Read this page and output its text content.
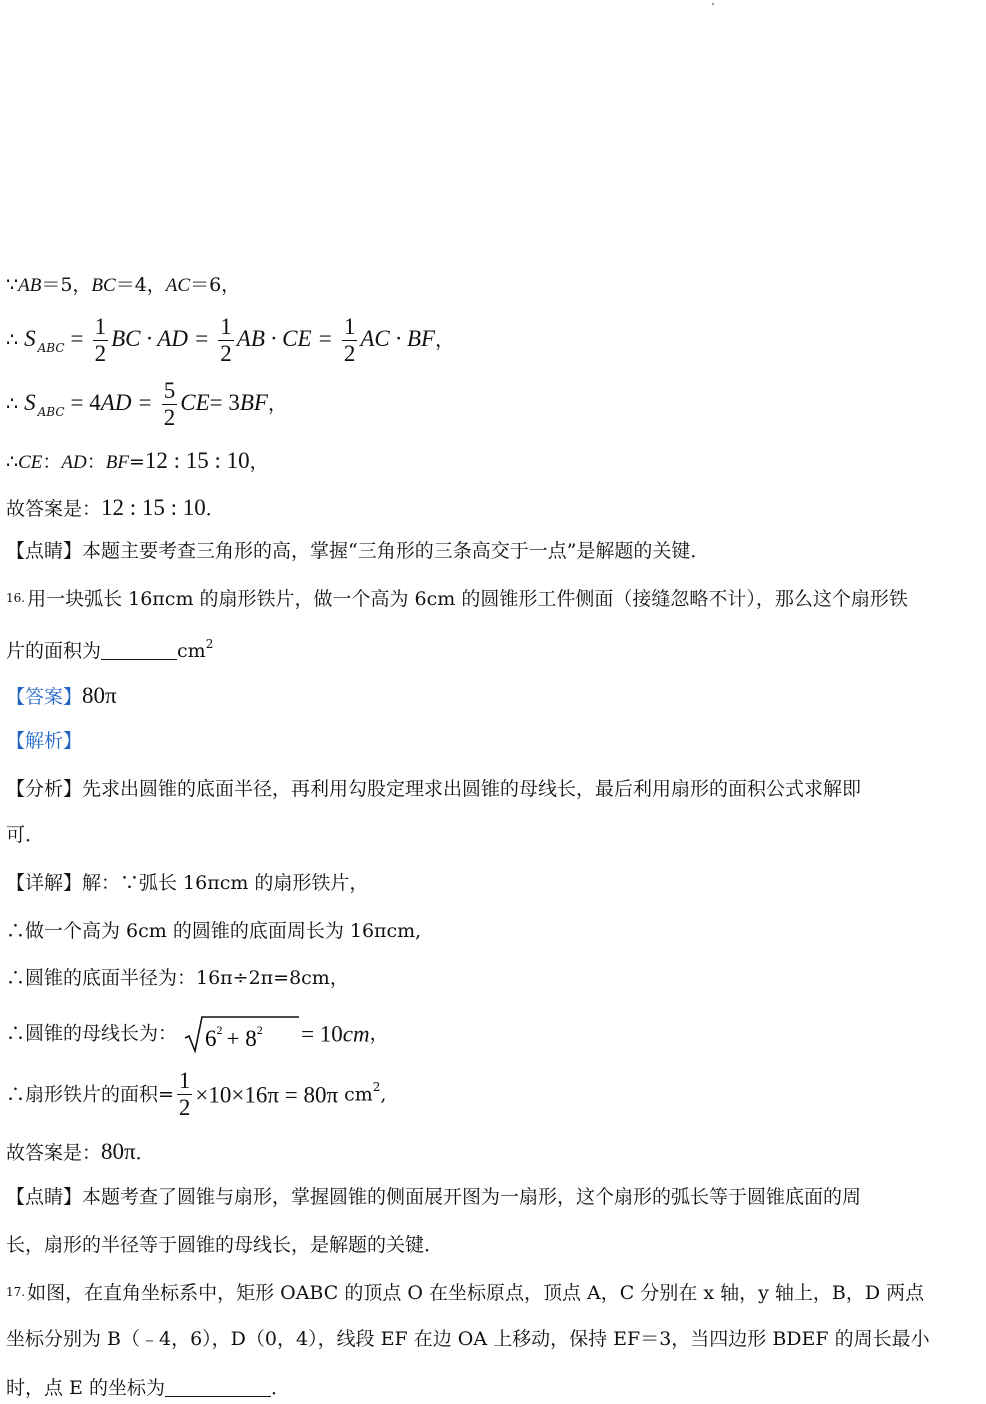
∵AB＝5，BC＝4，AC＝6，
∴ S $_{ABC} = \frac{1}{2}$ BC · AD = $\frac{1}{2}$ AB · CE = $\frac{1}{2}$ AC · BF，
∴ S $_{ABC} = 4AD = \frac{5}{2} CE= 3BF$，
∴CE：AD：BF=12 : 15 : 10，
故答案是：12 : 15 : 10．
【点睛】本题主要考查三角形的高，掌握“三角形的三条高交于一点”是解题的关键．
16. 用一块弧长 16πcm 的扇形铁片，做一个高为 6cm 的圆锥形工件侧面（接缝忽略不计），那么这个扇形铁
片的面积为	$cm^2$
【答案】80π
【解析】
【分析】先求出圆锥的底面半径，再利用勾股定理求出圆锥的母线长，最后利用扇形的面积公式求解即
可．
【详解】解：∵弧长 16πcm 的扇形铁片，
∴做一个高为 6cm 的圆锥的底面周长为 16πcm,
∴圆锥的底面半径为：16π÷2π=8cm，
∴圆锥的母线长为： $6^2 + 8^2 = 10cm$，
∴扇形铁片的面积= $\frac{1}{2} \times 10\times 16\pi = 80\pi$ $cm^2$,
故答案是：80π．
【点睛】本题考查了圆锥与扇形，掌握圆锥的侧面展开图为一扇形，这个扇形的弧长等于圆锥底面的周
长，扇形的半径等于圆锥的母线长，是解题的关键．
17. 如图，在直角坐标系中，矩形 OABC 的顶点 O 在坐标原点，顶点 A，C 分别在 x 轴，y 轴上，B，D 两点
坐标分别为 B（﹣4，6），D（0，4），线段 EF 在边 OA 上移动，保持 EF＝3，当四边形 BDEF 的周长最小
时，点 E 的坐标为	．
